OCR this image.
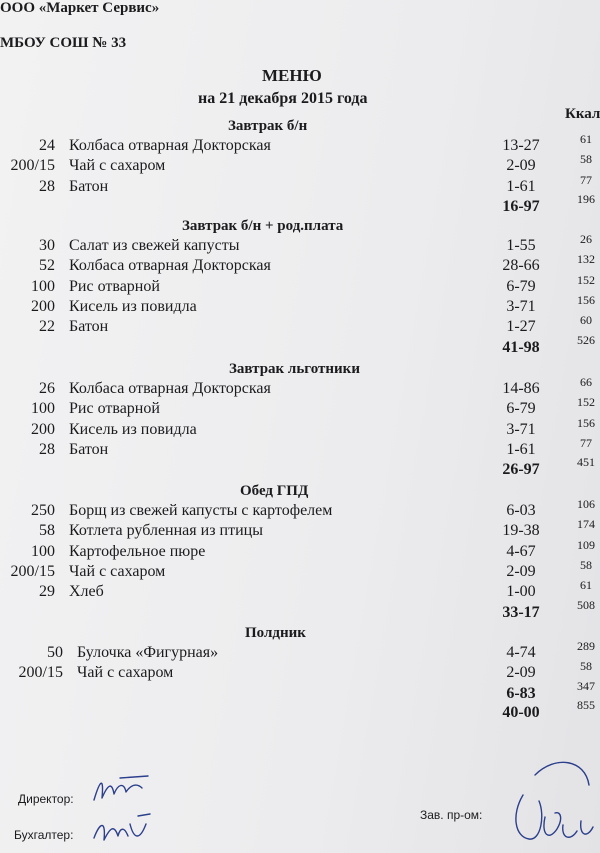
ООО «Маркет Сервис»
МБОУ СОШ № 33
МЕНЮ
на 21 декабря 2015 года
Ккал
Завтрак б/н
24 Колбаса отварная Докторская	13-27	61
200/15 Чай с сахаром	2-09	58
28 Батон	1-61	77
16-97	196
Завтрак б/н + род.плата
30 Салат из свежей капусты	1-55	26
52 Колбаса отварная Докторская	28-66	132
100 Рис отварной	6-79	152
200 Кисель из повидла	3-71	156
22 Батон	1-27	60
41-98	526
Завтрак льготники
26 Колбаса отварная Докторская	14-86	66
100 Рис отварной	6-79	152
200 Кисель из повидла	3-71	156
28 Батон	1-61	77
26-97	451
Обед ГПД
250 Борщ из свежей капусты с картофелем	6-03	106
58 Котлета рубленная из птицы	19-38	174
100 Картофельное пюре	4-67	109
200/15 Чай с сахаром	2-09	58
29 Хлеб	1-00	61
33-17	508
Полдник
50 Булочка «Фигурная»	4-74	289
200/15 Чай с сахаром	2-09	58
6-83	347
40-00	855
Директор:
Бухгалтер:
Зав. пр-ом:
